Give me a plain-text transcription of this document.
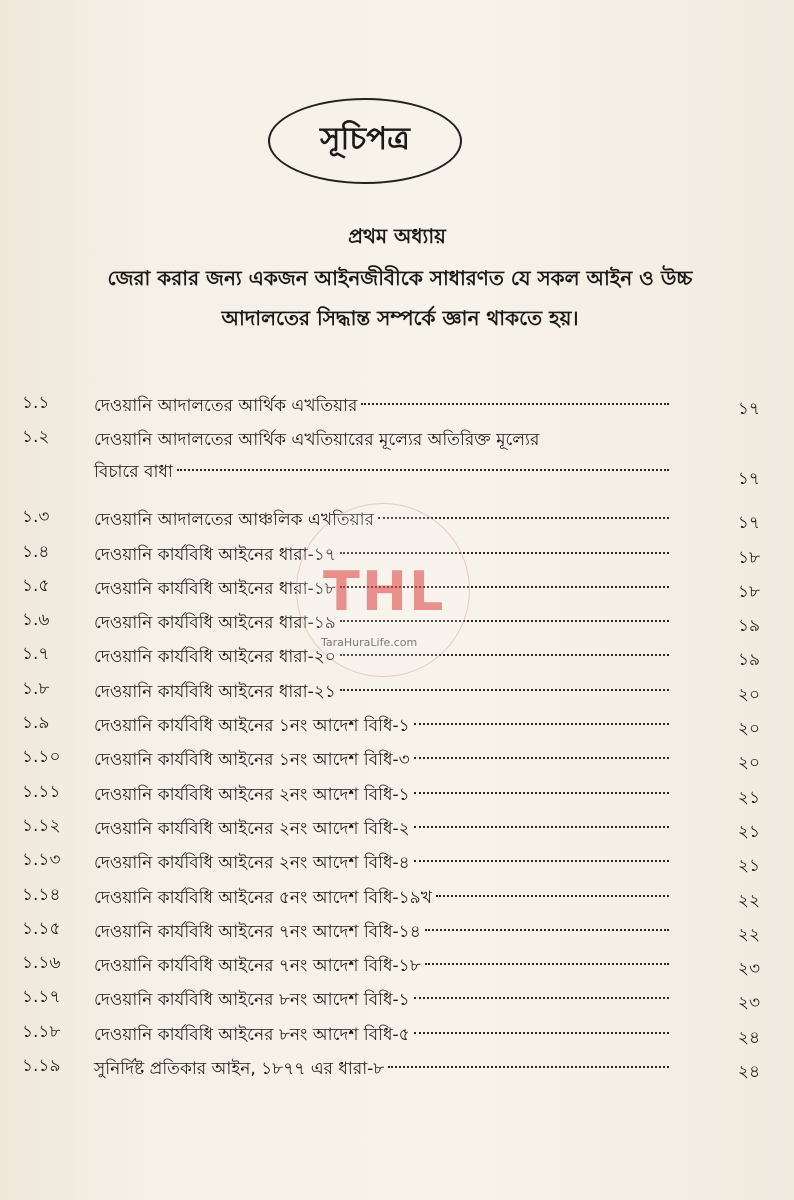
সূচিপত্র
প্রথম অধ্যায়
জেরা করার জন্য একজন আইনজীবীকে সাধারণত যে সকল আইন ও উচ্চ
আদালতের সিদ্ধান্ত সম্পর্কে জ্ঞান থাকতে হয়।
১.১	দেওয়ানি আদালতের আর্থিক এখতিয়ার	১৭
১.২	দেওয়ানি আদালতের আর্থিক এখতিয়ারের মূল্যের অতিরিক্ত মূল্যের
বিচারে বাধা	১৭
১.৩	দেওয়ানি আদালতের আঞ্চলিক এখতিয়ার	১৭
১.৪	দেওয়ানি কার্যবিধি আইনের ধারা-১৭	১৮
১.৫	দেওয়ানি কার্যবিধি আইনের ধারা-১৮	১৮
১.৬	দেওয়ানি কার্যবিধি আইনের ধারা-১৯	১৯
১.৭	দেওয়ানি কার্যবিধি আইনের ধারা-২০	১৯
১.৮	দেওয়ানি কার্যবিধি আইনের ধারা-২১	২০
১.৯	দেওয়ানি কার্যবিধি আইনের ১নং আদেশ বিধি-১	২০
১.১০	দেওয়ানি কার্যবিধি আইনের ১নং আদেশ বিধি-৩	২০
১.১১	দেওয়ানি কার্যবিধি আইনের ২নং আদেশ বিধি-১	২১
১.১২	দেওয়ানি কার্যবিধি আইনের ২নং আদেশ বিধি-২	২১
১.১৩	দেওয়ানি কার্যবিধি আইনের ২নং আদেশ বিধি-৪	২১
১.১৪	দেওয়ানি কার্যবিধি আইনের ৫নং আদেশ বিধি-১৯খ	২২
১.১৫	দেওয়ানি কার্যবিধি আইনের ৭নং আদেশ বিধি-১৪	২২
১.১৬	দেওয়ানি কার্যবিধি আইনের ৭নং আদেশ বিধি-১৮	২৩
১.১৭	দেওয়ানি কার্যবিধি আইনের ৮নং আদেশ বিধি-১	২৩
১.১৮	দেওয়ানি কার্যবিধি আইনের ৮নং আদেশ বিধি-৫	২৪
১.১৯	সুনির্দিষ্ট প্রতিকার আইন, ১৮৭৭ এর ধারা-৮	২৪
THL
TaraHuraLife.com
